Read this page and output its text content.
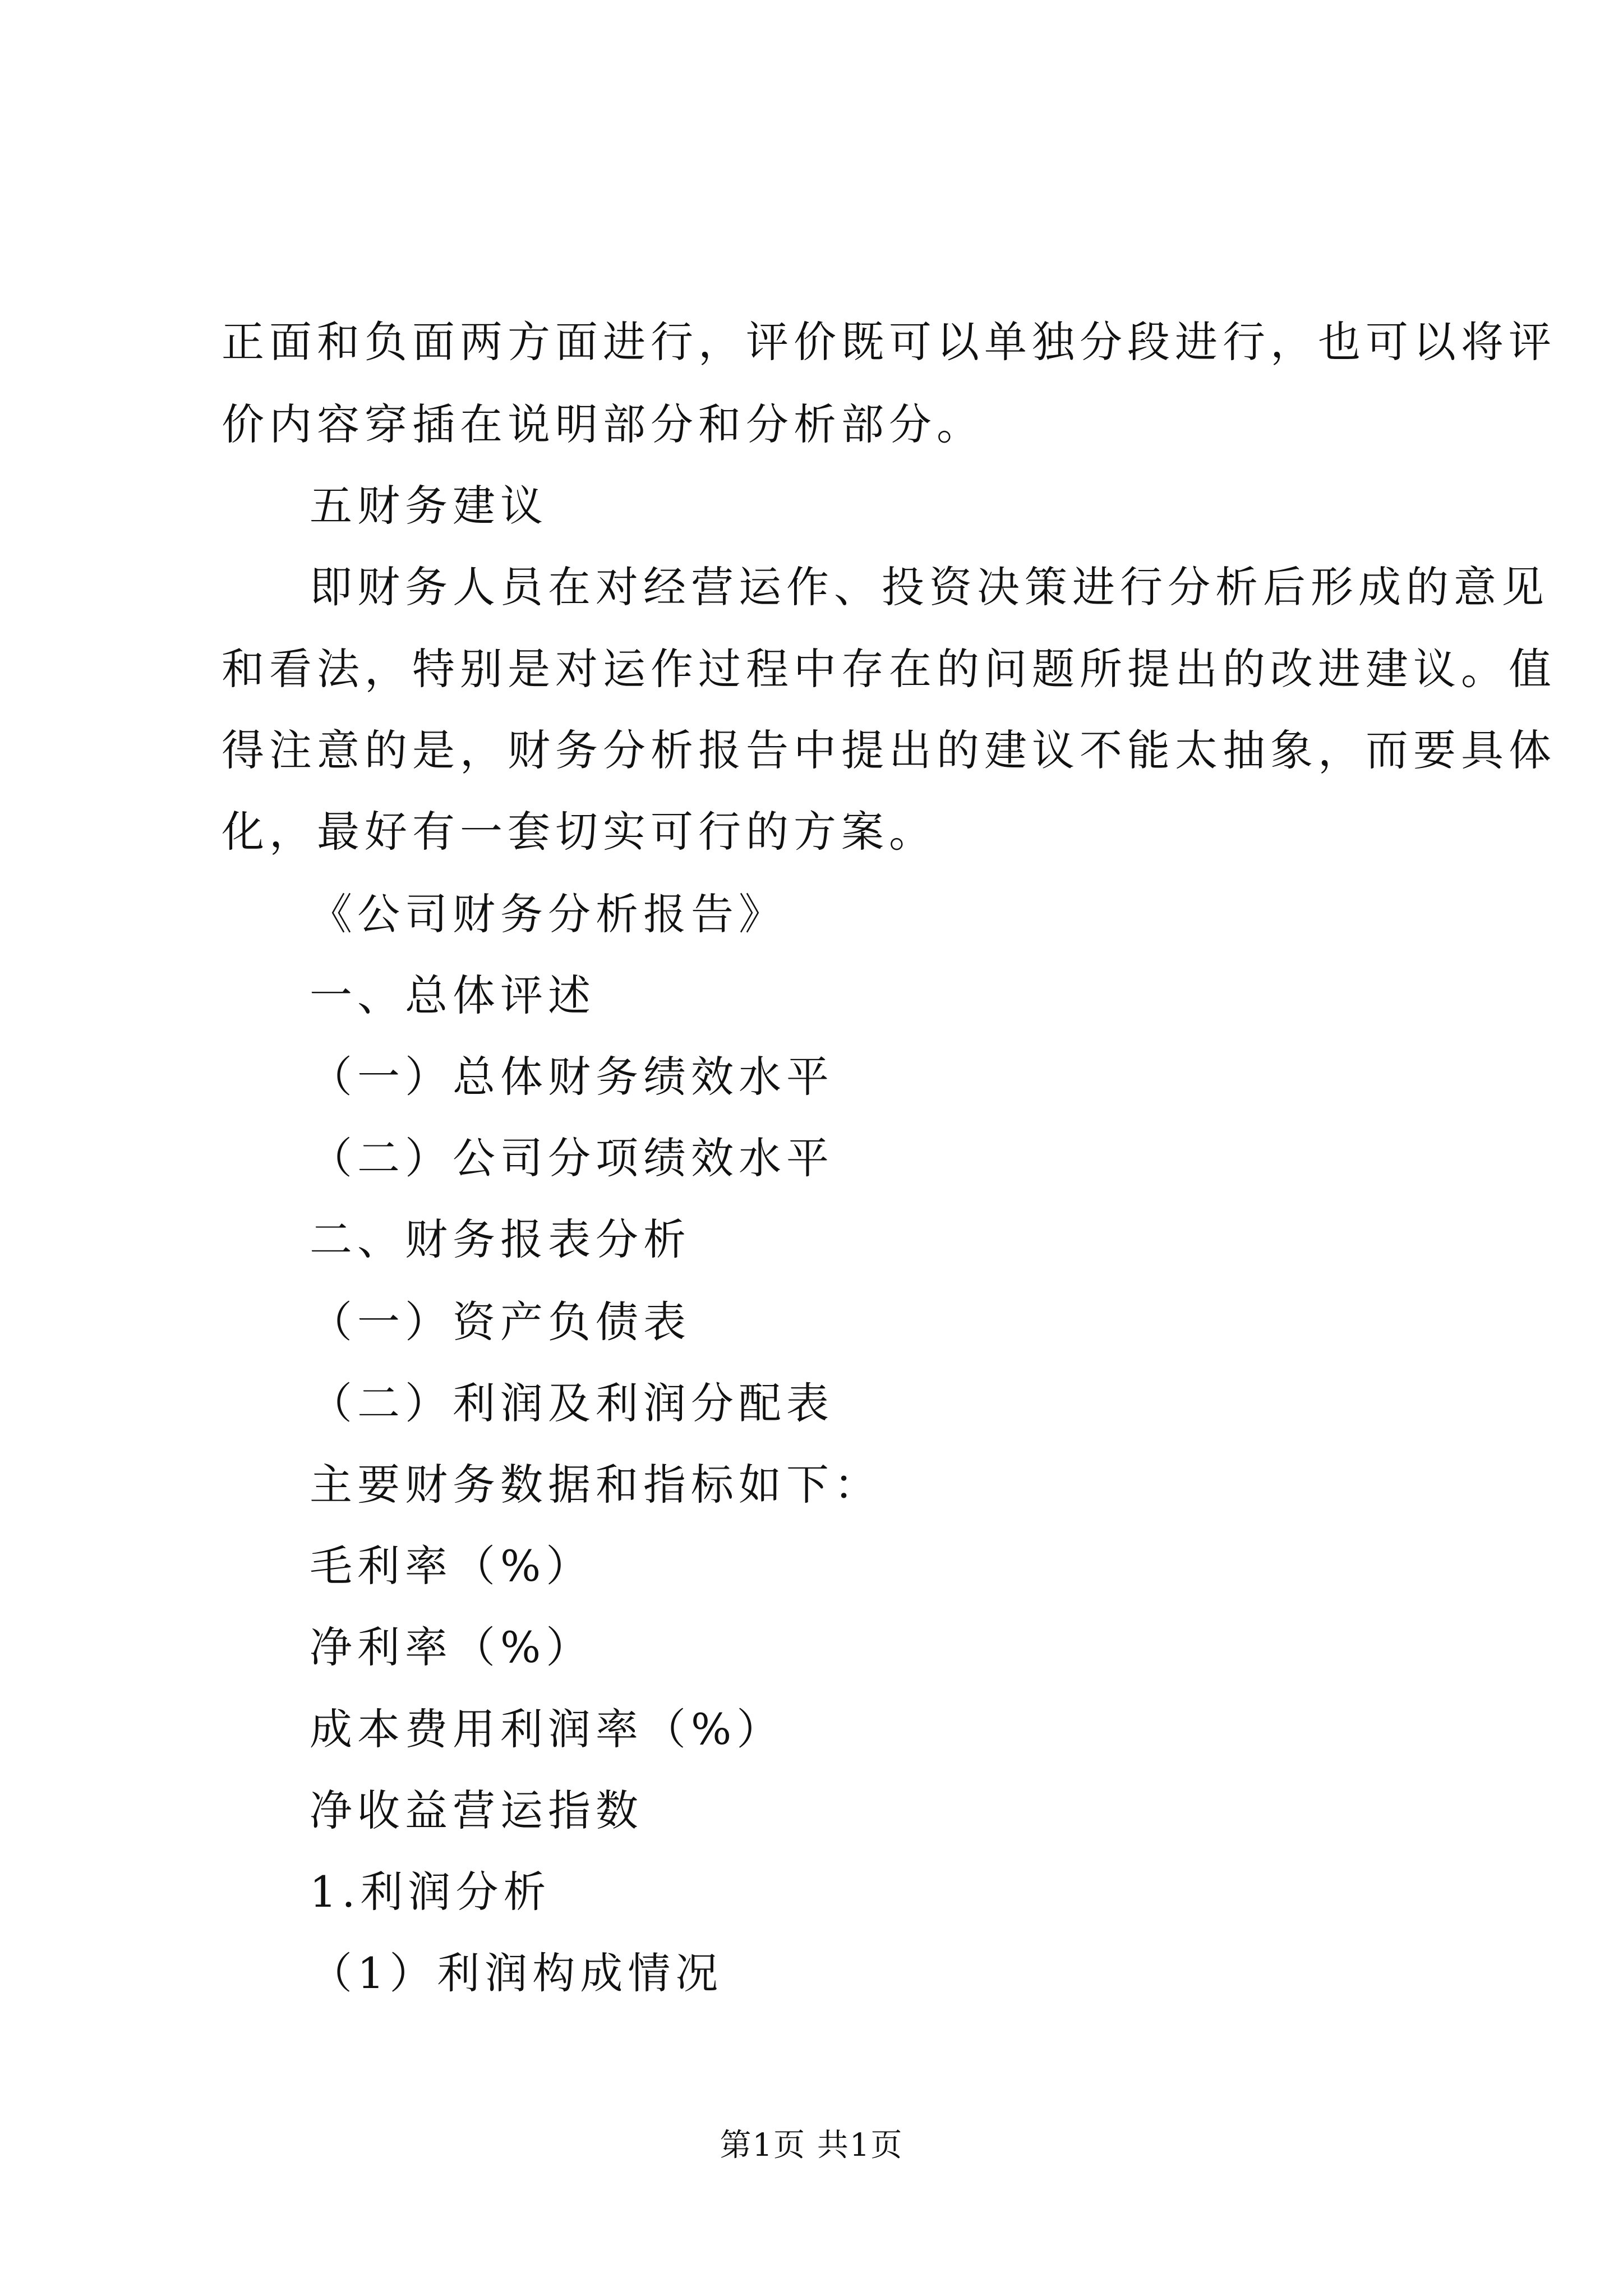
正面和负面两方面进行，评价既可以单独分段进行，也可以将评
价内容穿插在说明部分和分析部分。
五财务建议
即财务人员在对经营运作、投资决策进行分析后形成的意见
和看法，特别是对运作过程中存在的问题所提出的改进建议。值
得注意的是，财务分析报告中提出的建议不能太抽象，而要具体
化，最好有一套切实可行的方案。
《公司财务分析报告》
一、总体评述
（一）总体财务绩效水平
（二）公司分项绩效水平
二、财务报表分析
（一）资产负债表
（二）利润及利润分配表
主要财务数据和指标如下：
毛利率（%）
净利率（%）
成本费用利润率（%）
净收益营运指数
1.利润分析
（1）利润构成情况
第1页 共1页
